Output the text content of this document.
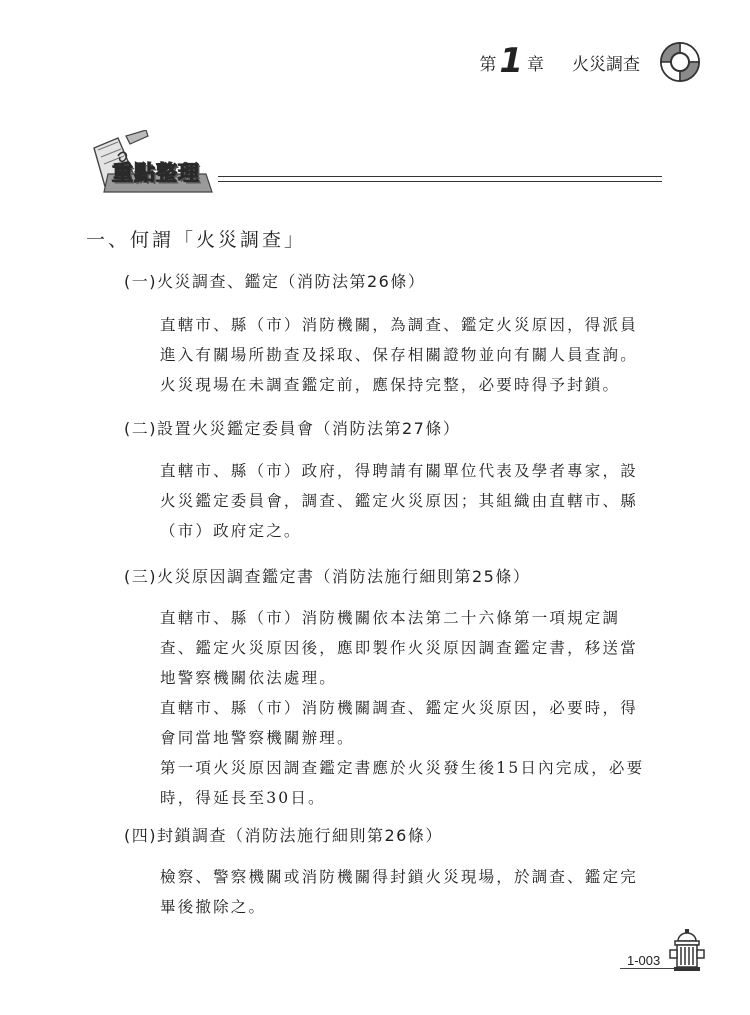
第 1 章 火災調查
重點整理
一、何謂「火災調查」
(一)火災調查、鑑定（消防法第26條）
直轄市、縣（市）消防機關，為調查、鑑定火災原因，得派員
進入有關場所勘查及採取、保存相關證物並向有關人員查詢。
火災現場在未調查鑑定前，應保持完整，必要時得予封鎖。
(二)設置火災鑑定委員會（消防法第27條）
直轄市、縣（市）政府，得聘請有關單位代表及學者專家，設
火災鑑定委員會，調查、鑑定火災原因；其組織由直轄市、縣
（市）政府定之。
(三)火災原因調查鑑定書（消防法施行細則第25條）
直轄市、縣（市）消防機關依本法第二十六條第一項規定調
查、鑑定火災原因後，應即製作火災原因調查鑑定書，移送當
地警察機關依法處理。
直轄市、縣（市）消防機關調查、鑑定火災原因，必要時，得
會同當地警察機關辦理。
第一項火災原因調查鑑定書應於火災發生後15日內完成，必要
時，得延長至30日。
(四)封鎖調查（消防法施行細則第26條）
檢察、警察機關或消防機關得封鎖火災現場，於調查、鑑定完
畢後撤除之。
1-003
